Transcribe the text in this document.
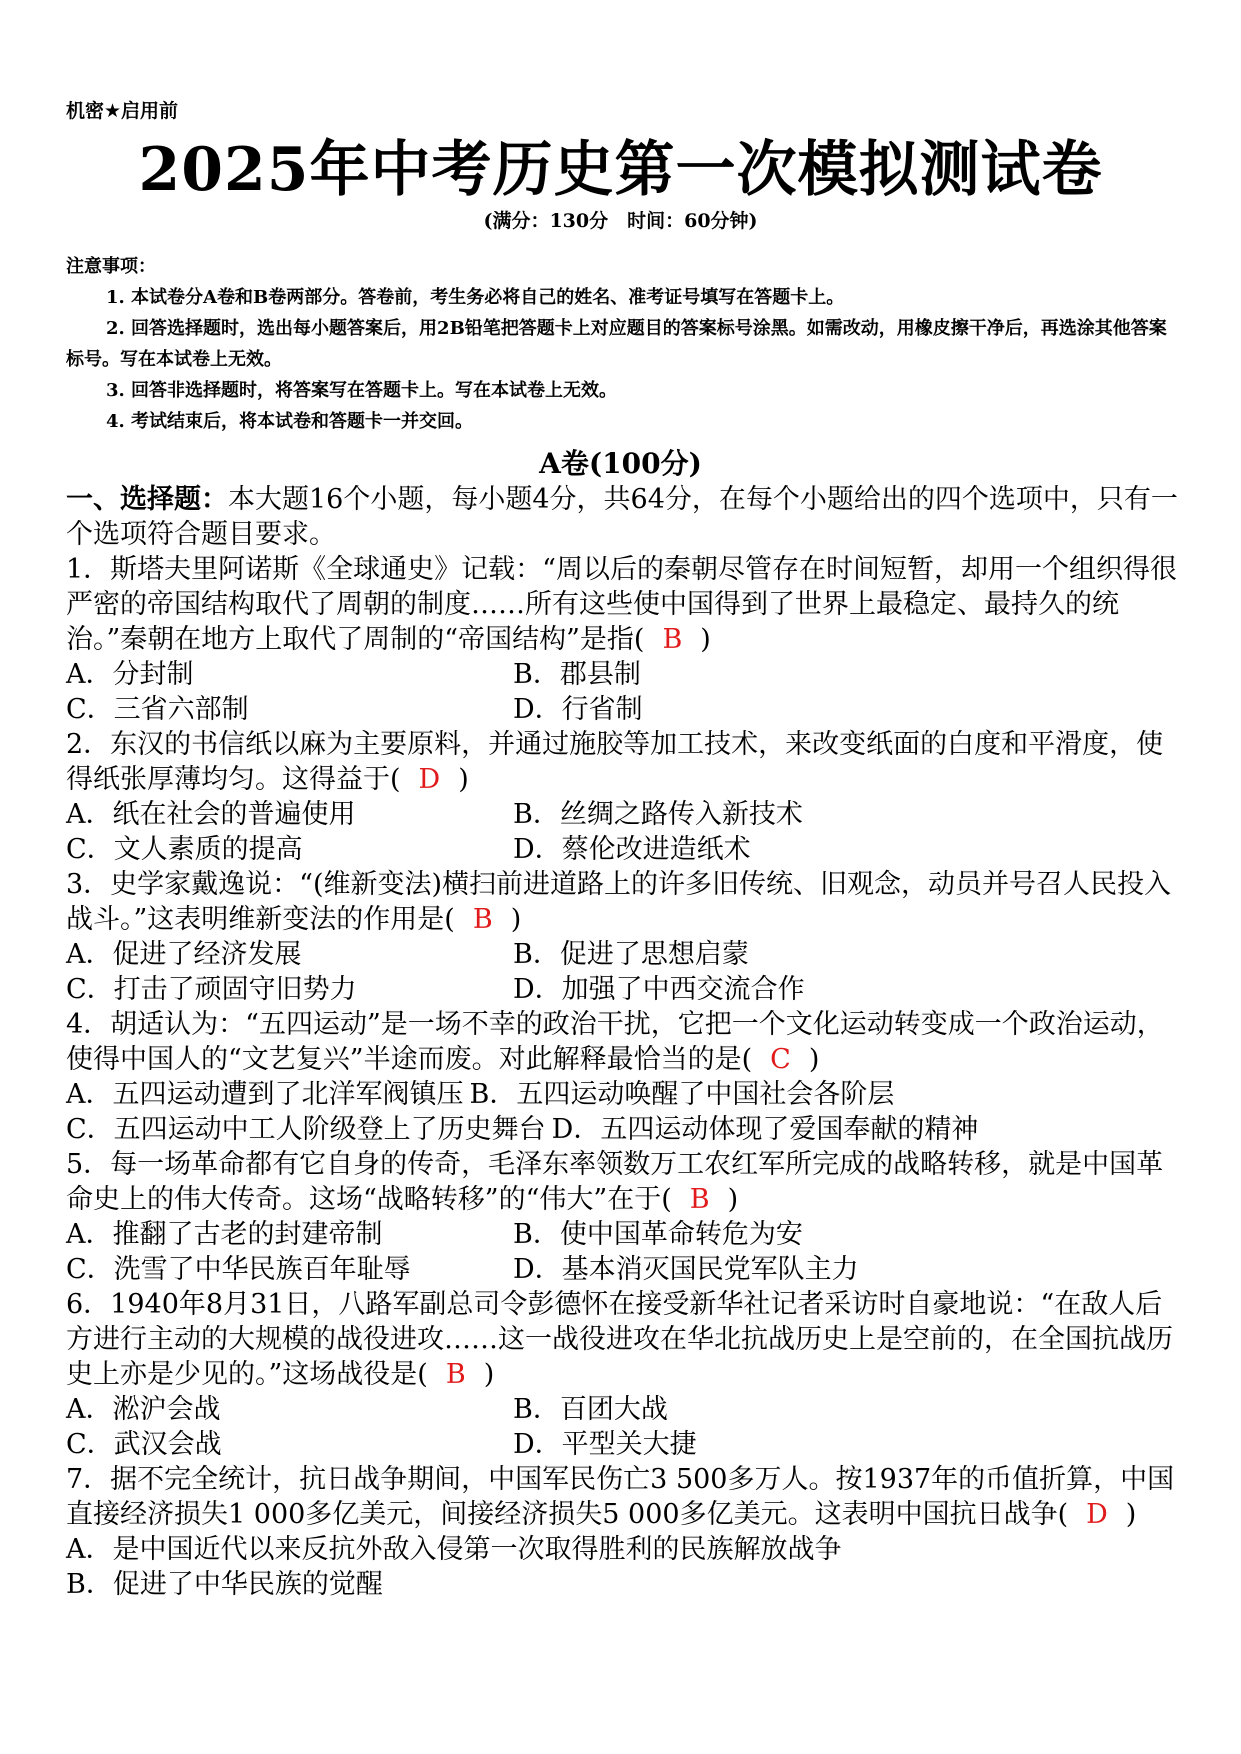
机密★启用前
2025年中考历史第一次模拟测试卷
(满分：130分　时间：60分钟)
注意事项：
1. 本试卷分A卷和B卷两部分。答卷前，考生务必将自己的姓名、准考证号填写在答题卡上。
2. 回答选择题时，选出每小题答案后，用2B铅笔把答题卡上对应题目的答案标号涂黑。如需改动，用橡皮擦干净后，再选涂其他答案标号。写在本试卷上无效。
3. 回答非选择题时，将答案写在答题卡上。写在本试卷上无效。
4. 考试结束后，将本试卷和答题卡一并交回。
A卷(100分)

一、选择题：本大题16个小题，每小题4分，共64分，在每个小题给出的四个选项中，只有一个选项符合题目要求。

1．斯塔夫里阿诺斯《全球通史》记载：“周以后的秦朝尽管存在时间短暂，却用一个组织得很严密的帝国结构取代了周朝的制度……所有这些使中国得到了世界上最稳定、最持久的统治。”秦朝在地方上取代了周制的“帝国结构”是指( B )

A．分封制	B．郡县制
C．三省六部制	D．行省制

2．东汉的书信纸以麻为主要原料，并通过施胶等加工技术，来改变纸面的白度和平滑度，使得纸张厚薄均匀。这得益于( D )

A．纸在社会的普遍使用	B．丝绸之路传入新技术
C．文人素质的提高	D．蔡伦改进造纸术

3．史学家戴逸说：“(维新变法)横扫前进道路上的许多旧传统、旧观念，动员并号召人民投入战斗。”这表明维新变法的作用是( B )

A．促进了经济发展	B．促进了思想启蒙
C．打击了顽固守旧势力	D．加强了中西交流合作

4．胡适认为：“五四运动”是一场不幸的政治干扰，它把一个文化运动转变成一个政治运动，使得中国人的“文艺复兴”半途而废。对此解释最恰当的是( C )

A．五四运动遭到了北洋军阀镇压 B．五四运动唤醒了中国社会各阶层
C．五四运动中工人阶级登上了历史舞台 D．五四运动体现了爱国奉献的精神

5．每一场革命都有它自身的传奇，毛泽东率领数万工农红军所完成的战略转移，就是中国革命史上的伟大传奇。这场“战略转移”的“伟大”在于( B )

A．推翻了古老的封建帝制	B．使中国革命转危为安
C．洗雪了中华民族百年耻辱	D．基本消灭国民党军队主力

6．1940年8月31日，八路军副总司令彭德怀在接受新华社记者采访时自豪地说：“在敌人后方进行主动的大规模的战役进攻……这一战役进攻在华北抗战历史上是空前的，在全国抗战历史上亦是少见的。”这场战役是( B )

A．淞沪会战	B．百团大战
C．武汉会战	D．平型关大捷

7．据不完全统计，抗日战争期间，中国军民伤亡3 500多万人。按1937年的币值折算，中国直接经济损失1 000多亿美元，间接经济损失5 000多亿美元。这表明中国抗日战争( D )

A．是中国近代以来反抗外敌入侵第一次取得胜利的民族解放战争
B．促进了中华民族的觉醒
